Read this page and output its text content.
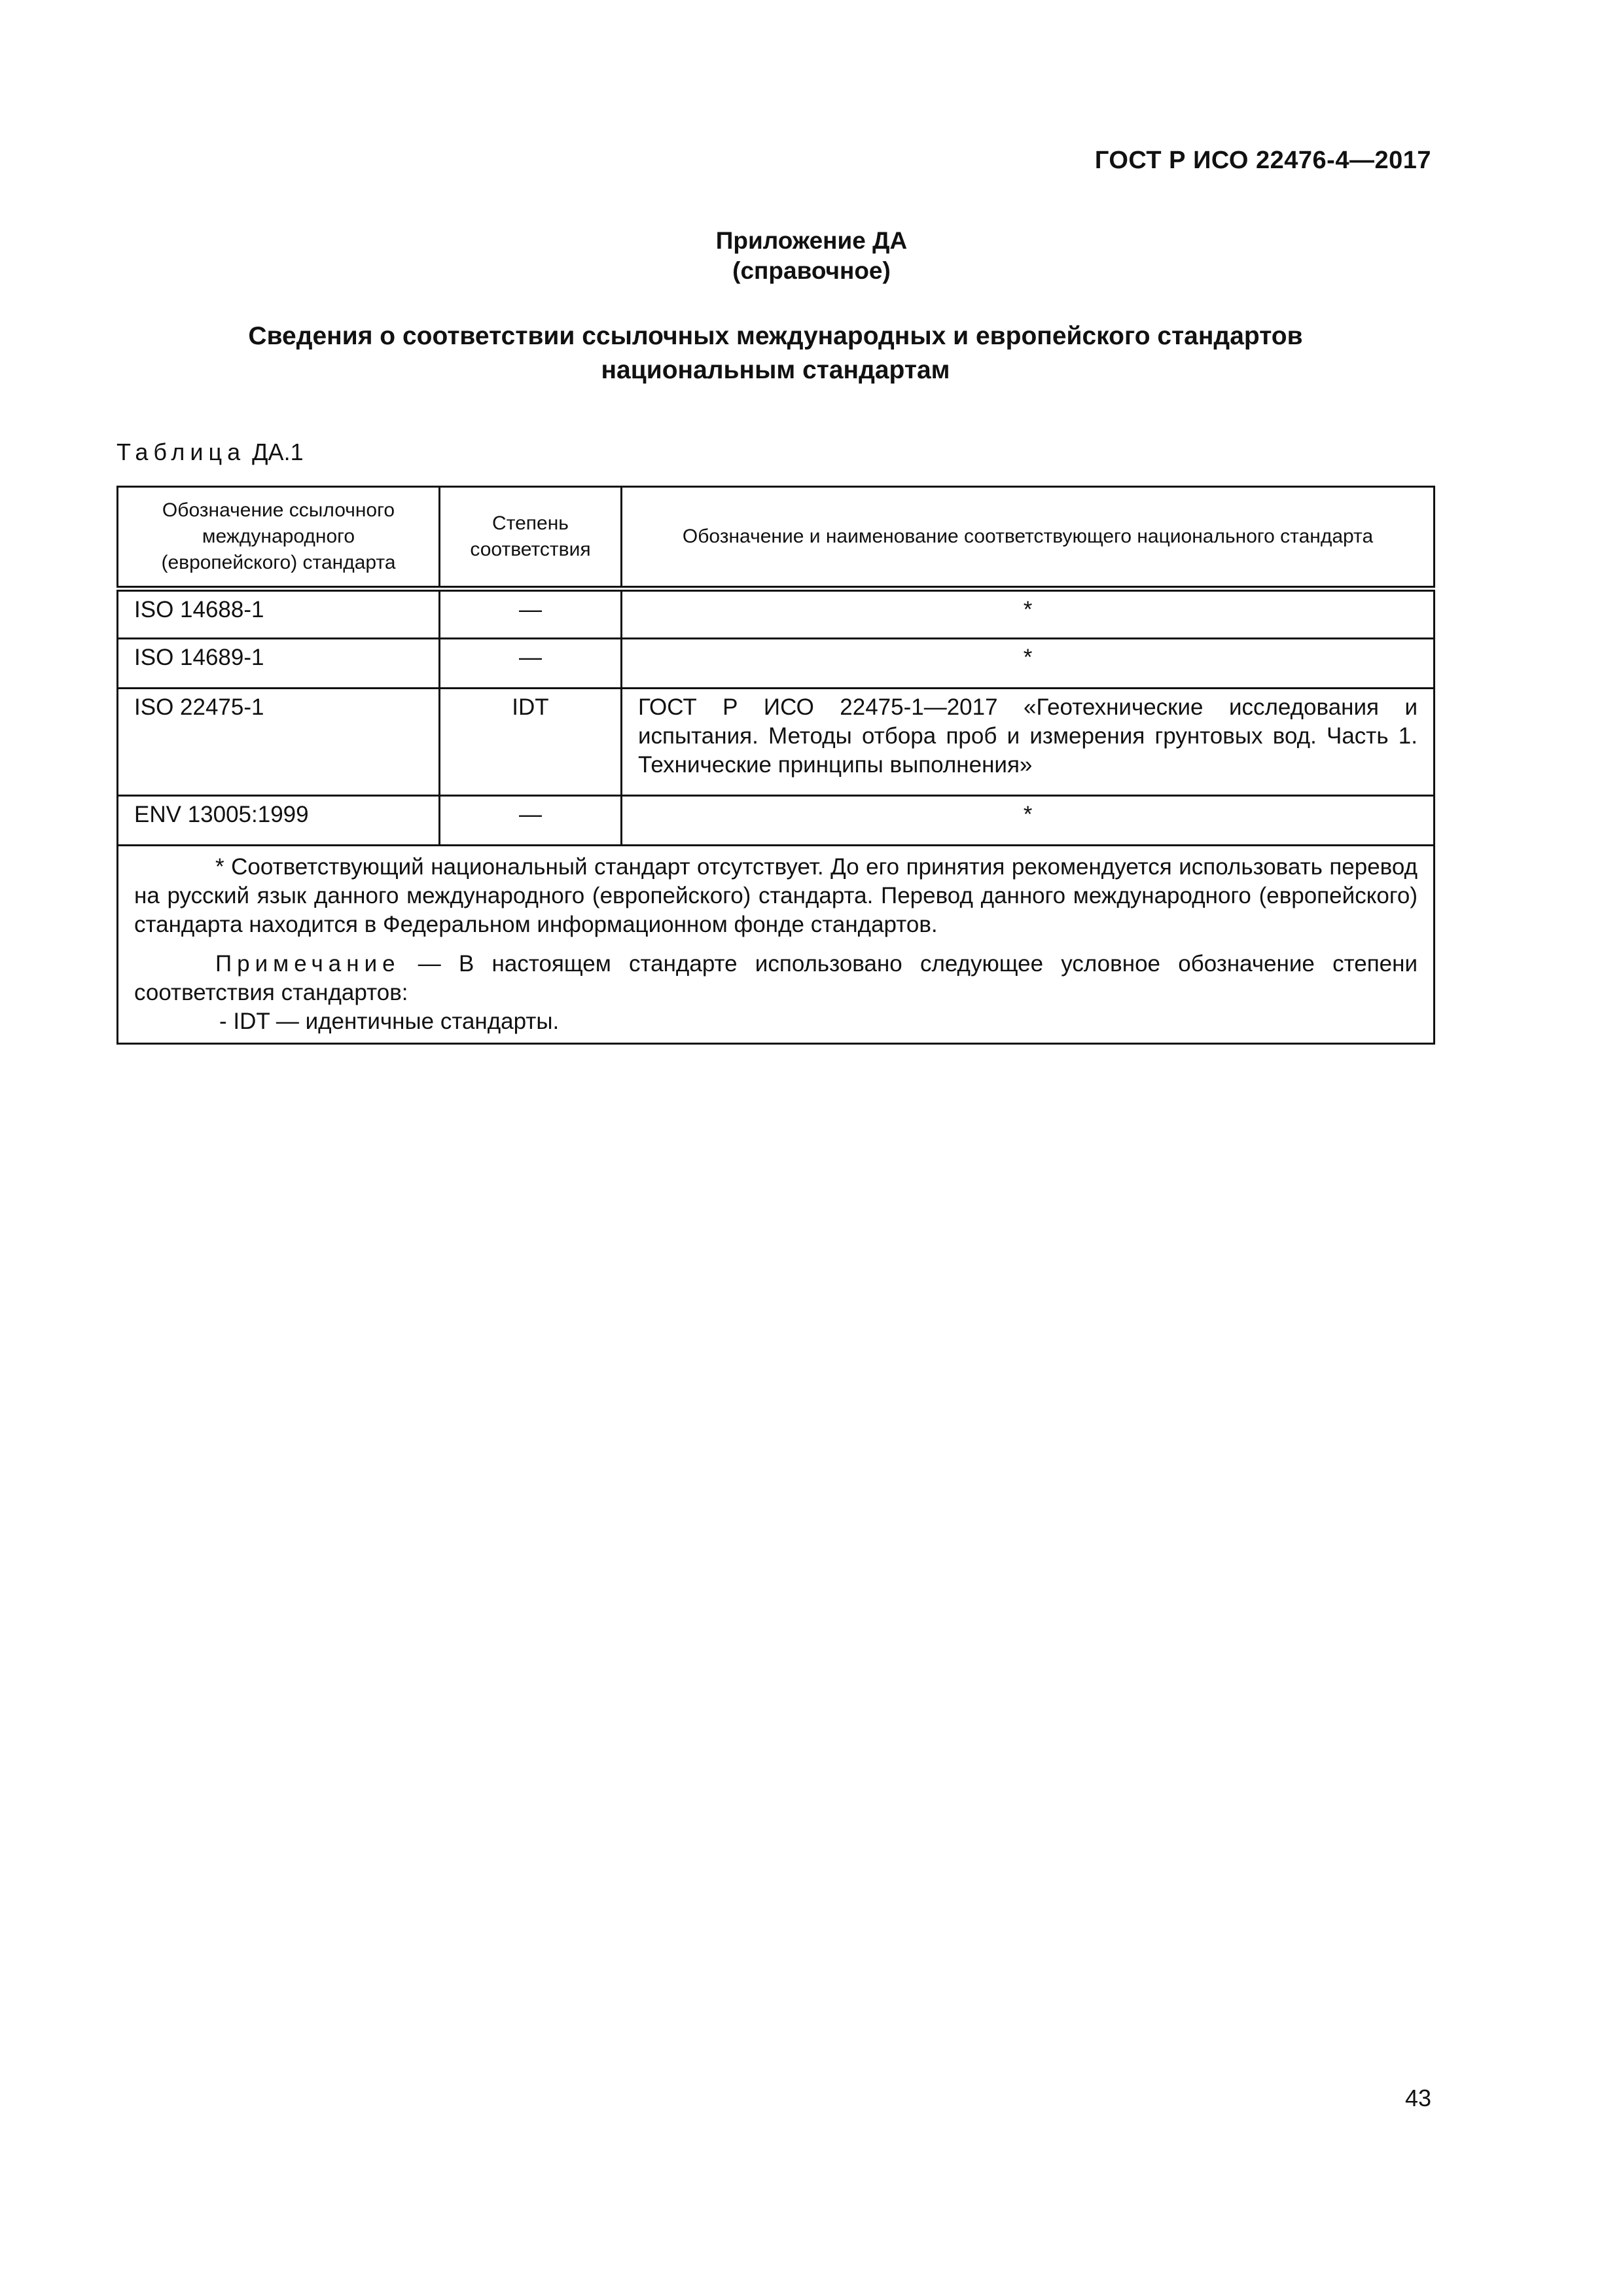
ГОСТ Р ИСО 22476-4—2017
Приложение ДА
(справочное)
Сведения о соответствии ссылочных международных и европейского стандартов
национальным стандартам
Таблица ДА.1
Обозначение ссылочного международного (европейского) стандарта	Степень соответствия	Обозначение и наименование соответствующего национального стандарта
ISO 14688-1	—	*
ISO 14689-1	—	*
ISO 22475-1	IDT	ГОСТ Р ИСО 22475-1—2017 «Геотехнические исследования и испытания. Методы отбора проб и измерения грунтовых вод. Часть 1. Технические принципы выполнения»
ENV 13005:1999	—	*

* Соответствующий национальный стандарт отсутствует. До его принятия рекомендуется использовать перевод на русский язык данного международного (европейского) стандарта. Перевод данного международного (европейского) стандарта находится в Федеральном информационном фонде стандартов.

Примечание — В настоящем стандарте использовано следующее условное обозначение степени соответствия стандартов:

- IDT — идентичные стандарты.		

43
